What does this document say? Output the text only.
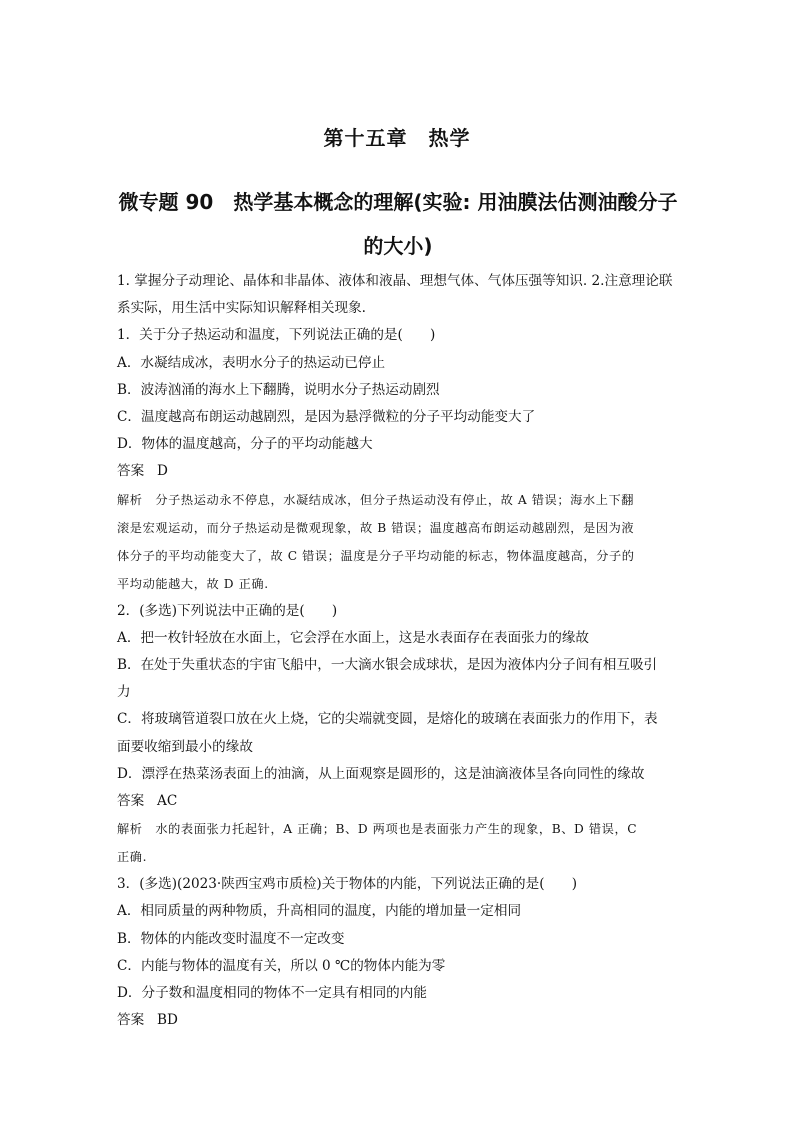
第十五章　热学
微专题 90　热学基本概念的理解(实验: 用油膜法估测油酸分子的大小)
1. 掌握分子动理论、晶体和非晶体、液体和液晶、理想气体、气体压强等知识. 2.注意理论联
系实际，用生活中实际知识解释相关现象.
1．关于分子热运动和温度，下列说法正确的是(　　)
A．水凝结成冰，表明水分子的热运动已停止
B．波涛汹涌的海水上下翻腾，说明水分子热运动剧烈
C．温度越高布朗运动越剧烈，是因为悬浮微粒的分子平均动能变大了
D．物体的温度越高，分子的平均动能越大
答案 D
解析　分子热运动永不停息，水凝结成冰，但分子热运动没有停止，故 A 错误；海水上下翻
滚是宏观运动，而分子热运动是微观现象，故 B 错误；温度越高布朗运动越剧烈，是因为液
体分子的平均动能变大了，故 C 错误；温度是分子平均动能的标志，物体温度越高，分子的
平均动能越大，故 D 正确.
2．(多选)下列说法中正确的是(　　)
A．把一枚针轻放在水面上，它会浮在水面上，这是水表面存在表面张力的缘故
B．在处于失重状态的宇宙飞船中，一大滴水银会成球状，是因为液体内分子间有相互吸引
力
C．将玻璃管道裂口放在火上烧，它的尖端就变圆，是熔化的玻璃在表面张力的作用下，表
面要收缩到最小的缘故
D．漂浮在热菜汤表面上的油滴，从上面观察是圆形的，这是油滴液体呈各向同性的缘故
答案 AC
解析　水的表面张力托起针，A 正确；B、D 两项也是表面张力产生的现象，B、D 错误，C
正确.
3．(多选)(2023·陕西宝鸡市质检)关于物体的内能，下列说法正确的是(　　)
A．相同质量的两种物质，升高相同的温度，内能的增加量一定相同
B．物体的内能改变时温度不一定改变
C．内能与物体的温度有关，所以 0 ℃的物体内能为零
D．分子数和温度相同的物体不一定具有相同的内能
答案 BD
